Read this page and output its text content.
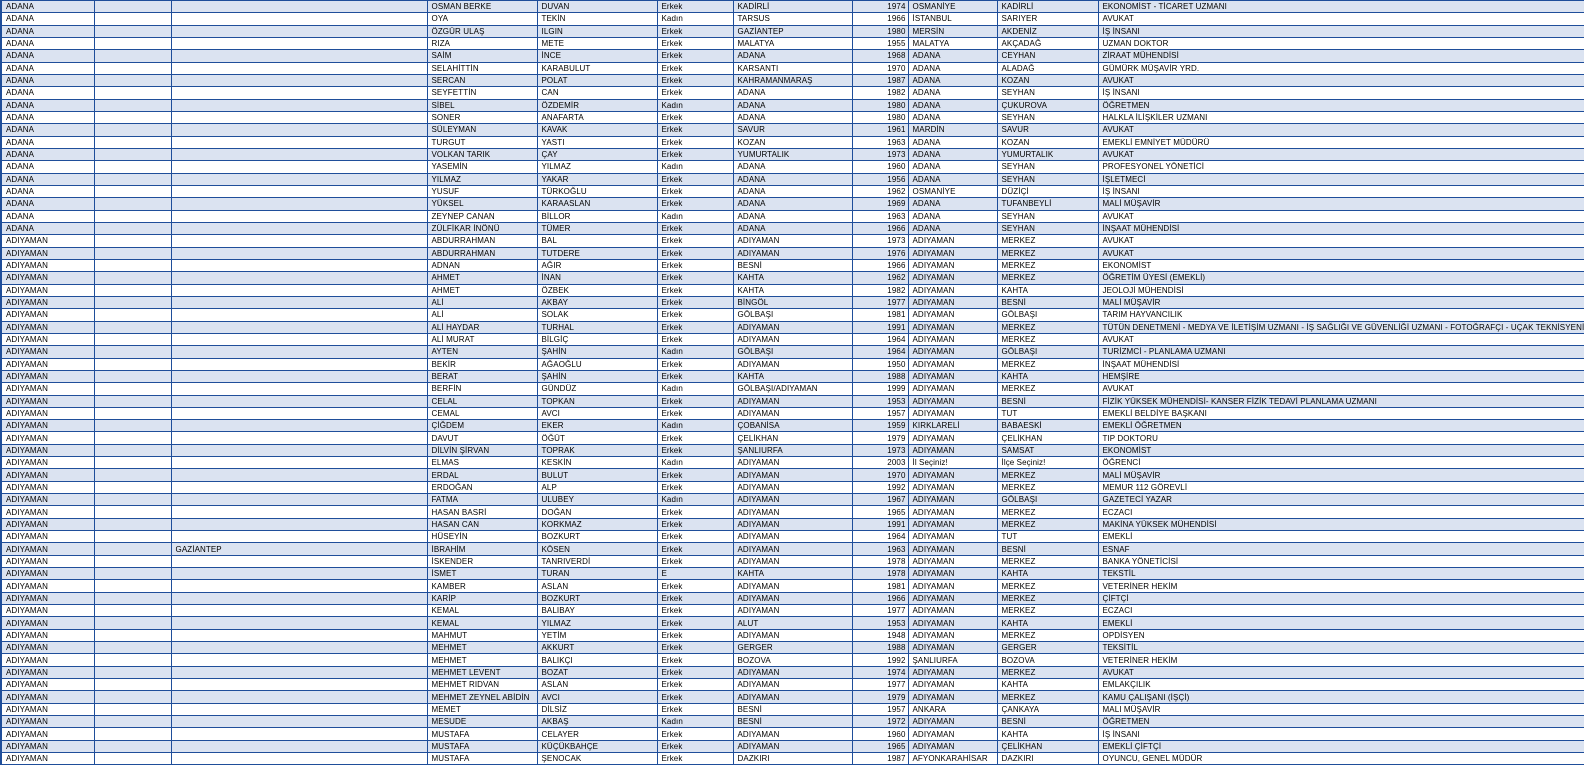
ADANA			OSMAN BERKE	DUVAN	Erkek	KADİRLİ	1974	OSMANİYE	KADİRLİ	EKONOMİST - TİCARET UZMANI
ADANA			OYA	TEKİN	Kadın	TARSUS	1966	İSTANBUL	SARIYER	AVUKAT
ADANA			ÖZGÜR ULAŞ	ILGIN	Erkek	GAZİANTEP	1980	MERSİN	AKDENİZ	İŞ İNSANI
ADANA			RIZA	METE	Erkek	MALATYA	1955	MALATYA	AKÇADAĞ	UZMAN DOKTOR
ADANA			SAİM	İNCE	Erkek	ADANA	1968	ADANA	CEYHAN	ZİRAAT MÜHENDİSİ
ADANA			SELAHİTTİN	KARABULUT	Erkek	KARSANTI	1970	ADANA	ALADAĞ	GÜMÜRK MÜŞAVİR YRD.
ADANA			SERCAN	POLAT	Erkek	KAHRAMANMARAŞ	1987	ADANA	KOZAN	AVUKAT
ADANA			SEYFETTİN	CAN	Erkek	ADANA	1982	ADANA	SEYHAN	İŞ İNSANI
ADANA			SİBEL	ÖZDEMİR	Kadın	ADANA	1980	ADANA	ÇUKUROVA	ÖĞRETMEN
ADANA			SONER	ANAFARTA	Erkek	ADANA	1980	ADANA	SEYHAN	HALKLA İLİŞKİLER UZMANI
ADANA			SÜLEYMAN	KAVAK	Erkek	SAVUR	1961	MARDİN	SAVUR	AVUKAT
ADANA			TURGUT	YASTI	Erkek	KOZAN	1963	ADANA	KOZAN	EMEKLİ EMNİYET MÜDÜRÜ
ADANA			VOLKAN TARIK	ÇAY	Erkek	YUMURTALIK	1973	ADANA	YUMURTALIK	AVUKAT
ADANA			YASEMİN	YILMAZ	Kadın	ADANA	1960	ADANA	SEYHAN	PROFESYONEL YÖNETİCİ
ADANA			YILMAZ	YAKAR	Erkek	ADANA	1956	ADANA	SEYHAN	İŞLETMECİ
ADANA			YUSUF	TÜRKOĞLU	Erkek	ADANA	1962	OSMANİYE	DÜZİÇİ	İŞ İNSANI
ADANA			YÜKSEL	KARAASLAN	Erkek	ADANA	1969	ADANA	TUFANBEYLİ	MALİ MÜŞAVİR
ADANA			ZEYNEP CANAN	BİLLOR	Kadın	ADANA	1963	ADANA	SEYHAN	AVUKAT
ADANA			ZÜLFİKAR İNÖNÜ	TÜMER	Erkek	ADANA	1966	ADANA	SEYHAN	İNŞAAT MÜHENDİSİ
ADIYAMAN			ABDURRAHMAN	BAL	Erkek	ADIYAMAN	1973	ADIYAMAN	MERKEZ	AVUKAT
ADIYAMAN			ABDURRAHMAN	TUTDERE	Erkek	ADIYAMAN	1976	ADIYAMAN	MERKEZ	AVUKAT
ADIYAMAN			ADNAN	AĞIR	Erkek	BESNİ	1966	ADIYAMAN	MERKEZ	EKONOMİST
ADIYAMAN			AHMET	İNAN	Erkek	KAHTA	1962	ADIYAMAN	MERKEZ	ÖĞRETİM ÜYESİ (EMEKLİ)
ADIYAMAN			AHMET	ÖZBEK	Erkek	KAHTA	1982	ADIYAMAN	KAHTA	JEOLOJİ MÜHENDİSİ
ADIYAMAN			ALİ	AKBAY	Erkek	BİNGÖL	1977	ADIYAMAN	BESNİ	MALİ MÜŞAVİR
ADIYAMAN			ALİ	SOLAK	Erkek	GÖLBAŞI	1981	ADIYAMAN	GÖLBAŞI	TARIM HAYVANCILIK
ADIYAMAN			ALİ HAYDAR	TURHAL	Erkek	ADIYAMAN	1991	ADIYAMAN	MERKEZ	TÜTÜN DENETMENİ - MEDYA VE İLETİŞİM UZMANI - İŞ SAĞLIĞI VE GÜVENLİĞİ UZMANI - FOTOĞRAFÇI - UÇAK TEKNİSYENİ
ADIYAMAN			ALİ MURAT	BİLGİÇ	Erkek	ADIYAMAN	1964	ADIYAMAN	MERKEZ	AVUKAT
ADIYAMAN			AYTEN	ŞAHİN	Kadın	GÖLBAŞI	1964	ADIYAMAN	GÖLBAŞI	TURİZMCİ - PLANLAMA UZMANI
ADIYAMAN			BEKİR	AĞAOĞLU	Erkek	ADIYAMAN	1950	ADIYAMAN	MERKEZ	İNŞAAT MÜHENDİSİ
ADIYAMAN			BERAT	ŞAHİN	Erkek	KAHTA	1988	ADIYAMAN	KAHTA	HEMŞİRE
ADIYAMAN			BERFİN	GÜNDÜZ	Kadın	GÖLBAŞI/ADIYAMAN	1999	ADIYAMAN	MERKEZ	AVUKAT
ADIYAMAN			CELAL	TOPKAN	Erkek	ADIYAMAN	1953	ADIYAMAN	BESNİ	FİZİK YÜKSEK MÜHENDİSİ- KANSER FİZİK TEDAVİ PLANLAMA UZMANI
ADIYAMAN			CEMAL	AVCI	Erkek	ADIYAMAN	1957	ADIYAMAN	TUT	EMEKLİ BELDİYE BAŞKANI
ADIYAMAN			ÇİĞDEM	EKER	Kadın	ÇOBANİSA	1959	KIRKLARELİ	BABAESKİ	EMEKLİ ÖĞRETMEN
ADIYAMAN			DAVUT	ÖĞÜT	Erkek	ÇELİKHAN	1979	ADIYAMAN	ÇELİKHAN	TIP DOKTORU
ADIYAMAN			DİLVİN ŞİRVAN	TOPRAK	Erkek	ŞANLIURFA	1973	ADIYAMAN	SAMSAT	EKONOMİST
ADIYAMAN			ELMAS	KESKİN	Kadın	ADIYAMAN	2003	İl Seçiniz!	İlçe Seçiniz!	ÖĞRENCİ
ADIYAMAN			ERDAL	BULUT	Erkek	ADIYAMAN	1970	ADIYAMAN	MERKEZ	MALİ MÜŞAVİR
ADIYAMAN			ERDOĞAN	ALP	Erkek	ADIYAMAN	1992	ADIYAMAN	MERKEZ	MEMUR 112 GÖREVLİ
ADIYAMAN			FATMA	ULUBEY	Kadın	ADIYAMAN	1967	ADIYAMAN	GÖLBAŞI	GAZETECİ YAZAR
ADIYAMAN			HASAN BASRİ	DOĞAN	Erkek	ADIYAMAN	1965	ADIYAMAN	MERKEZ	ECZACI
ADIYAMAN			HASAN CAN	KORKMAZ	Erkek	ADIYAMAN	1991	ADIYAMAN	MERKEZ	MAKİNA YÜKSEK MÜHENDİSİ
ADIYAMAN			HÜSEYİN	BOZKURT	Erkek	ADIYAMAN	1964	ADIYAMAN	TUT	EMEKLİ
ADIYAMAN		GAZİANTEP	İBRAHİM	KÖSEN	Erkek	ADIYAMAN	1963	ADIYAMAN	BESNİ	ESNAF
ADIYAMAN			İSKENDER	TANRIVERDİ	Erkek	ADIYAMAN	1978	ADIYAMAN	MERKEZ	BANKA YÖNETİCİSİ
ADIYAMAN			İSMET	TURAN	E	KAHTA	1978	ADIYAMAN	KAHTA	TEKSTİL
ADIYAMAN			KAMBER	ASLAN	Erkek	ADIYAMAN	1981	ADIYAMAN	MERKEZ	VETERİNER HEKİM
ADIYAMAN			KARİP	BOZKURT	Erkek	ADIYAMAN	1966	ADIYAMAN	MERKEZ	ÇİFTÇİ
ADIYAMAN			KEMAL	BALIBAY	Erkek	ADIYAMAN	1977	ADIYAMAN	MERKEZ	ECZACI
ADIYAMAN			KEMAL	YILMAZ	Erkek	ALUT	1953	ADIYAMAN	KAHTA	EMEKLİ
ADIYAMAN			MAHMUT	YETİM	Erkek	ADIYAMAN	1948	ADIYAMAN	MERKEZ	OPDİSYEN
ADIYAMAN			MEHMET	AKKURT	Erkek	GERGER	1988	ADIYAMAN	GERGER	TEKSİTİL
ADIYAMAN			MEHMET	BALIKÇI	Erkek	BOZOVA	1992	ŞANLIURFA	BOZOVA	VETERİNER HEKİM
ADIYAMAN			MEHMET LEVENT	BOZAT	Erkek	ADIYAMAN	1974	ADIYAMAN	MERKEZ	AVUKAT
ADIYAMAN			MEHMET RIDVAN	ASLAN	Erkek	ADIYAMAN	1977	ADIYAMAN	KAHTA	EMLAKÇILIK
ADIYAMAN			MEHMET ZEYNEL ABİDİN	AVCI	Erkek	ADIYAMAN	1979	ADIYAMAN	MERKEZ	KAMU ÇALIŞANI (İŞÇİ)
ADIYAMAN			MEMET	DİLSİZ	Erkek	BESNİ	1957	ANKARA	ÇANKAYA	MALI MÜŞAVİR
ADIYAMAN			MESUDE	AKBAŞ	Kadın	BESNİ	1972	ADIYAMAN	BESNİ	ÖĞRETMEN
ADIYAMAN			MUSTAFA	CELAYER	Erkek	ADIYAMAN	1960	ADIYAMAN	KAHTA	İŞ İNSANI
ADIYAMAN			MUSTAFA	KÜÇÜKBAHÇE	Erkek	ADIYAMAN	1965	ADIYAMAN	ÇELİKHAN	EMEKLİ ÇİFTÇİ
ADIYAMAN			MUSTAFA	ŞENOCAK	Erkek	DAZKIRI	1987	AFYONKARAHİSAR	DAZKIRI	OYUNCU, GENEL MÜDÜR
